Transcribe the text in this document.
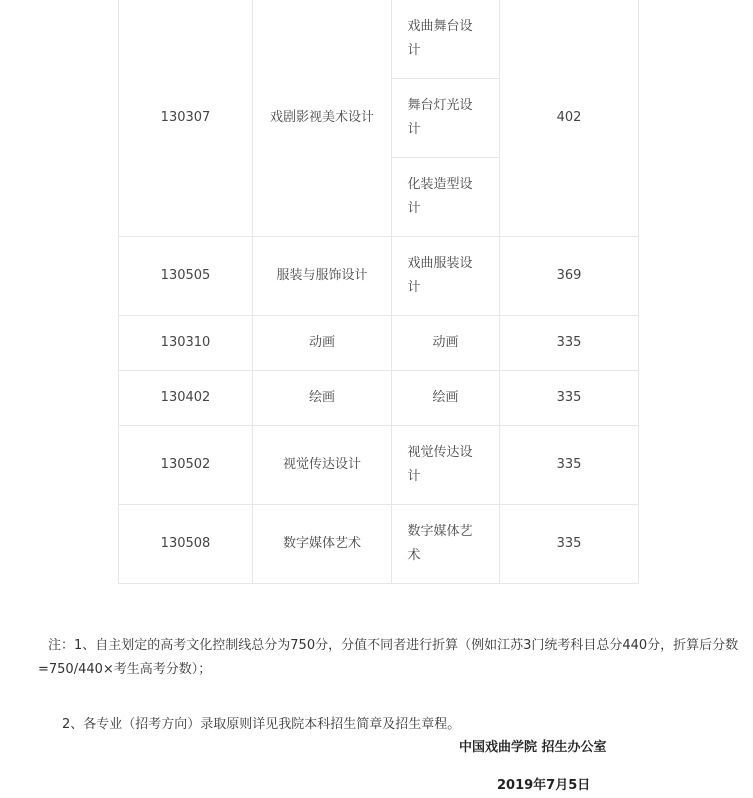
130307	戏剧影视美术设计	戏曲舞台设计	402
		舞台灯光设计	
		化装造型设计	
130505	服装与服饰设计	戏曲服装设计	369
130310	动画	动画	335
130402	绘画	绘画	335
130502	视觉传达设计	视觉传达设计	335
130508	数字媒体艺术	数字媒体艺术	335

注：1、自主划定的高考文化控制线总分为750分，分值不同者进行折算（例如江苏3门统考科目总分440分，折算后分数=750/440×考生高考分数）；

2、各专业（招考方向）录取原则详见我院本科招生简章及招生章程。

中国戏曲学院 招生办公室
2019年7月5日
